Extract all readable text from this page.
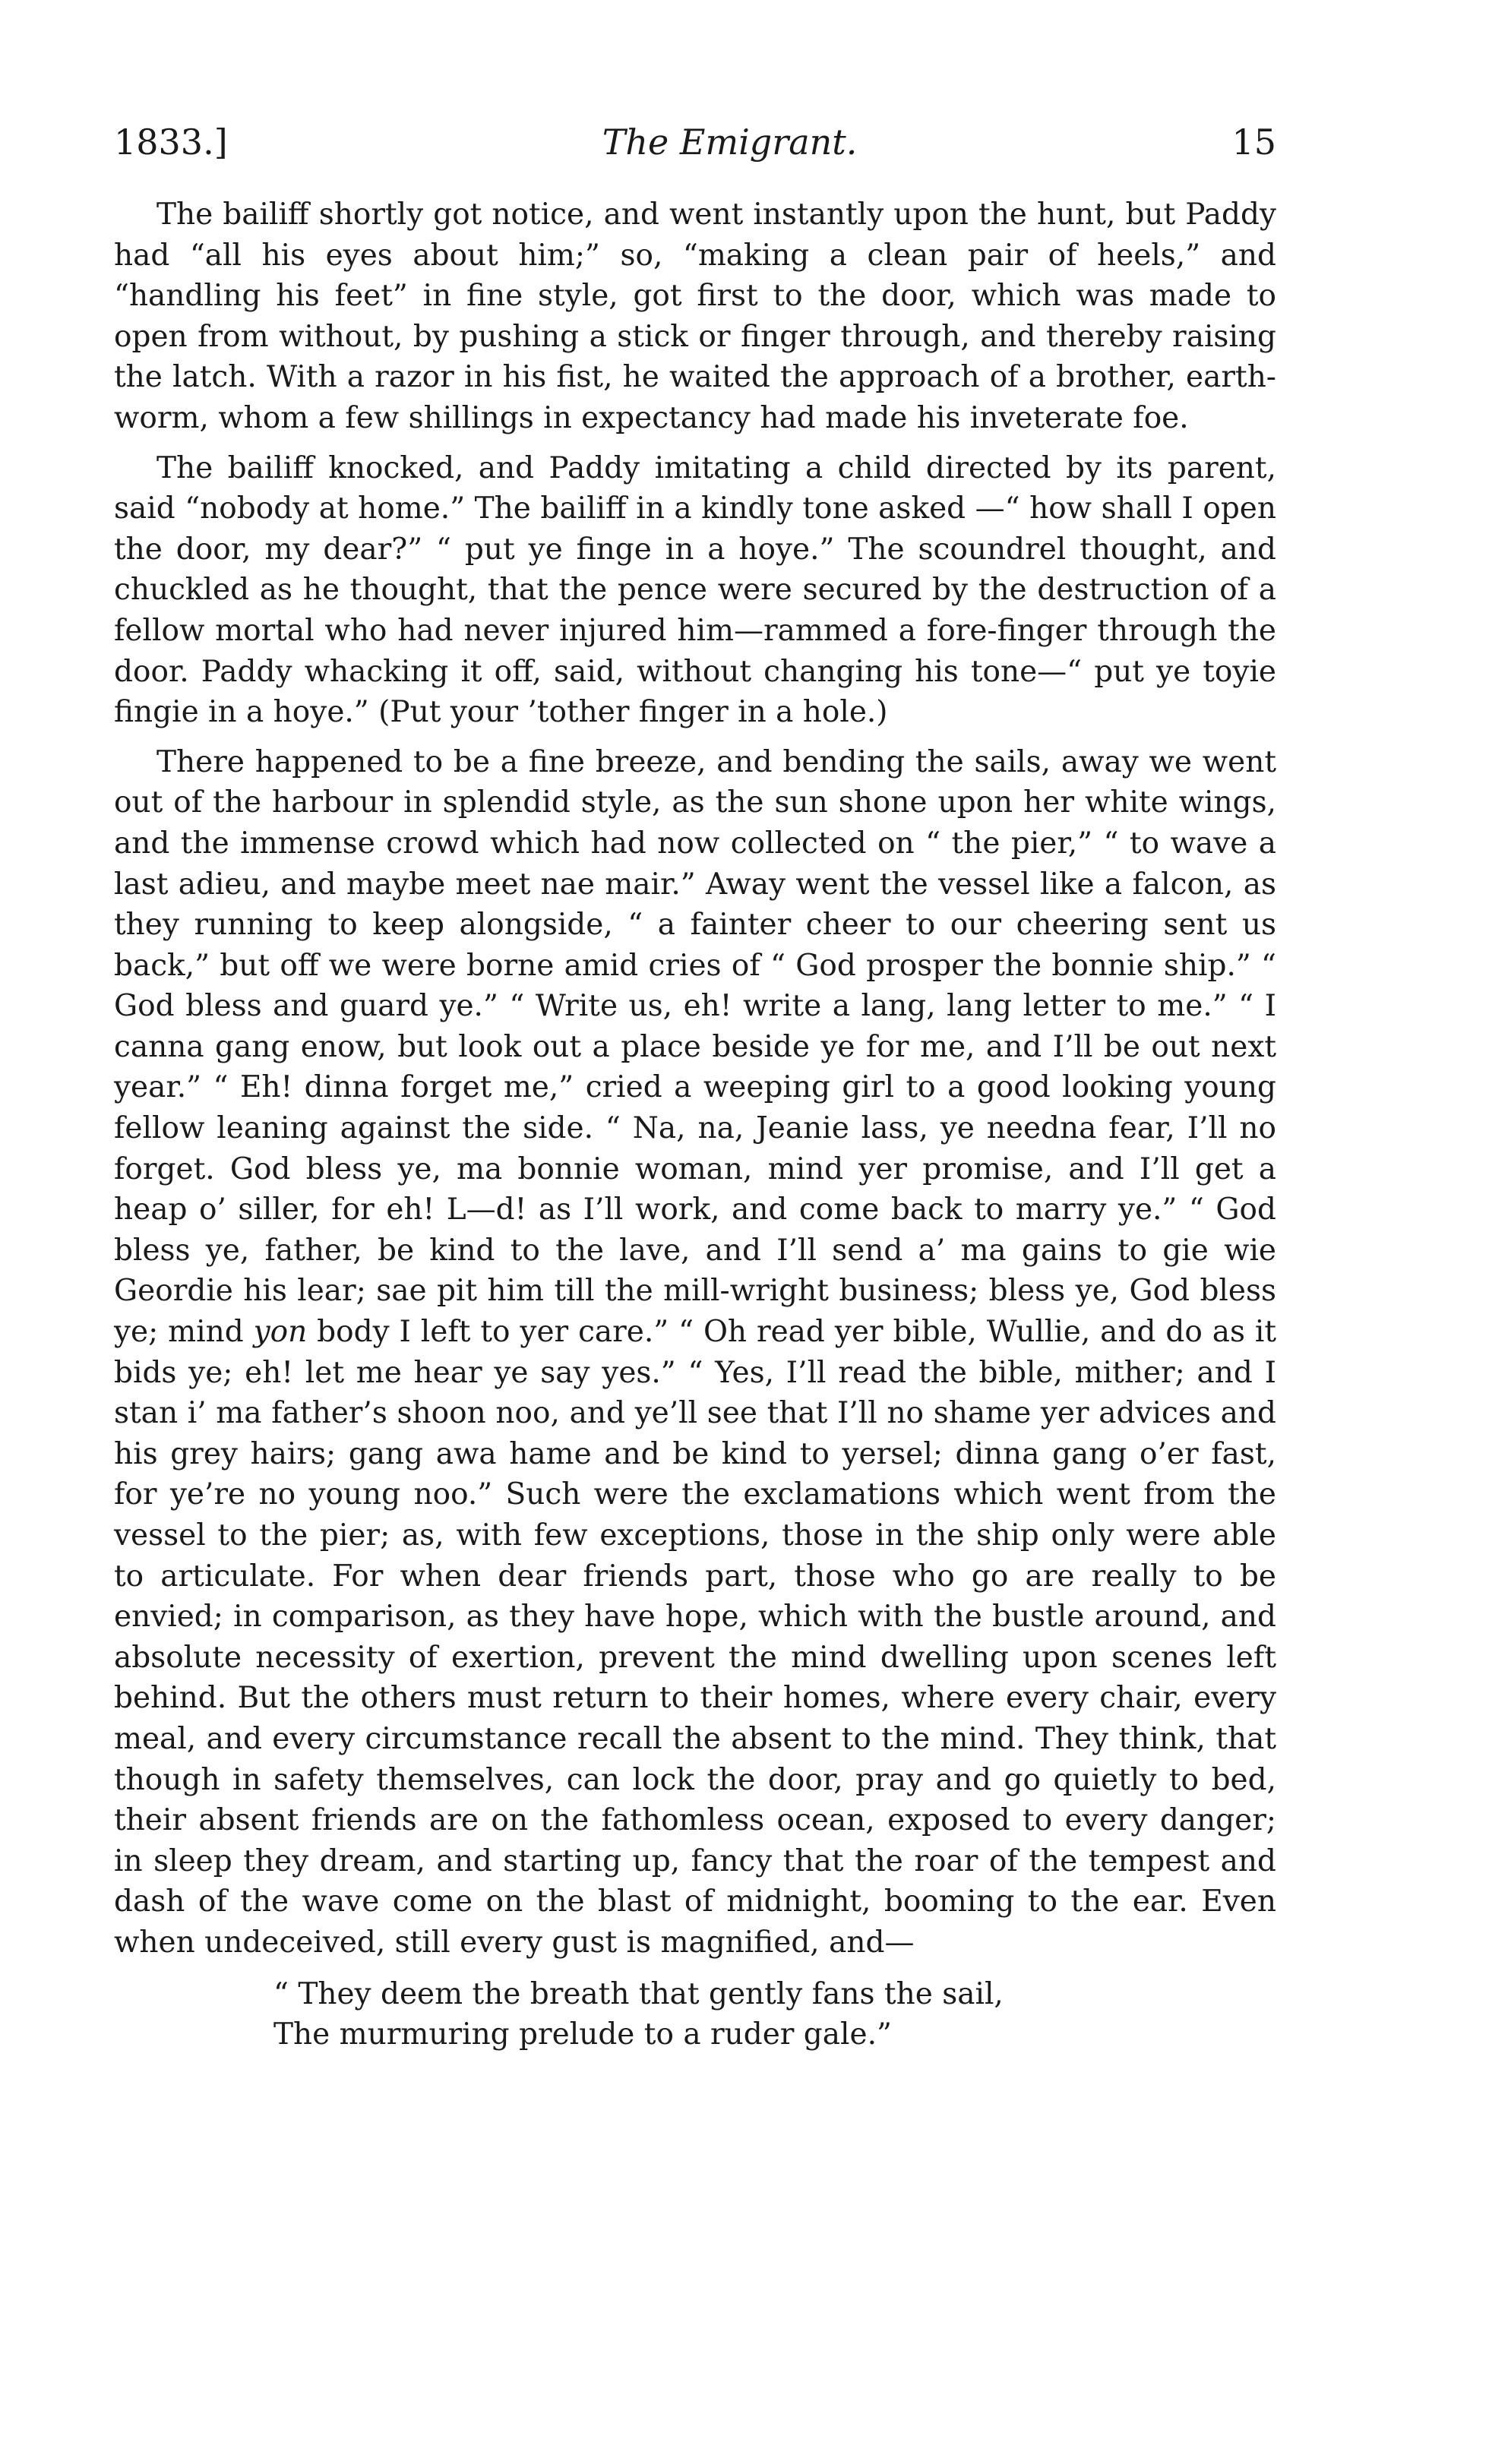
1833.]	The Emigrant.	15

The bailiff shortly got notice, and went instantly upon the hunt, but Paddy had “all his eyes about him;” so, “making a clean pair of heels,” and “handling his feet” in fine style, got first to the door, which was made to open from without, by pushing a stick or finger through, and thereby raising the latch. With a razor in his fist, he waited the approach of a brother, earth-worm, whom a few shillings in expectancy had made his inveterate foe.

The bailiff knocked, and Paddy imitating a child directed by its parent, said “nobody at home.” The bailiff in a kindly tone asked —“ how shall I open the door, my dear?” “ put ye finge in a hoye.” The scoundrel thought, and chuckled as he thought, that the pence were secured by the destruction of a fellow mortal who had never injured him—rammed a fore-finger through the door. Paddy whacking it off, said, without changing his tone—“ put ye toyie fingie in a hoye.” (Put your ’tother finger in a hole.)

There happened to be a fine breeze, and bending the sails, away we went out of the harbour in splendid style, as the sun shone upon her white wings, and the immense crowd which had now collected on “ the pier,” “ to wave a last adieu, and maybe meet nae mair.” Away went the vessel like a falcon, as they running to keep alongside, “ a fainter cheer to our cheering sent us back,” but off we were borne amid cries of “ God prosper the bonnie ship.” “ God bless and guard ye.” “ Write us, eh! write a lang, lang letter to me.” “ I canna gang enow, but look out a place beside ye for me, and I’ll be out next year.” “ Eh! dinna forget me,” cried a weeping girl to a good looking young fellow leaning against the side. “ Na, na, Jeanie lass, ye needna fear, I’ll no forget. God bless ye, ma bonnie woman, mind yer promise, and I’ll get a heap o’ siller, for eh! L—d! as I’ll work, and come back to marry ye.” “ God bless ye, father, be kind to the lave, and I’ll send a’ ma gains to gie wie Geordie his lear; sae pit him till the mill-wright business; bless ye, God bless ye; mind yon body I left to yer care.” “ Oh read yer bible, Wullie, and do as it bids ye; eh! let me hear ye say yes.” “ Yes, I’ll read the bible, mither; and I stan i’ ma father’s shoon noo, and ye’ll see that I’ll no shame yer advices and his grey hairs; gang awa hame and be kind to yersel; dinna gang o’er fast, for ye’re no young noo.” Such were the exclamations which went from the vessel to the pier; as, with few exceptions, those in the ship only were able to articulate. For when dear friends part, those who go are really to be envied; in comparison, as they have hope, which with the bustle around, and absolute necessity of exertion, prevent the mind dwelling upon scenes left behind. But the others must return to their homes, where every chair, every meal, and every circumstance recall the absent to the mind. They think, that though in safety themselves, can lock the door, pray and go quietly to bed, their absent friends are on the fathomless ocean, exposed to every danger; in sleep they dream, and starting up, fancy that the roar of the tempest and dash of the wave come on the blast of midnight, booming to the ear. Even when undeceived, still every gust is magnified, and—

“ They deem the breath that gently fans the sail,
The murmuring prelude to a ruder gale.”
